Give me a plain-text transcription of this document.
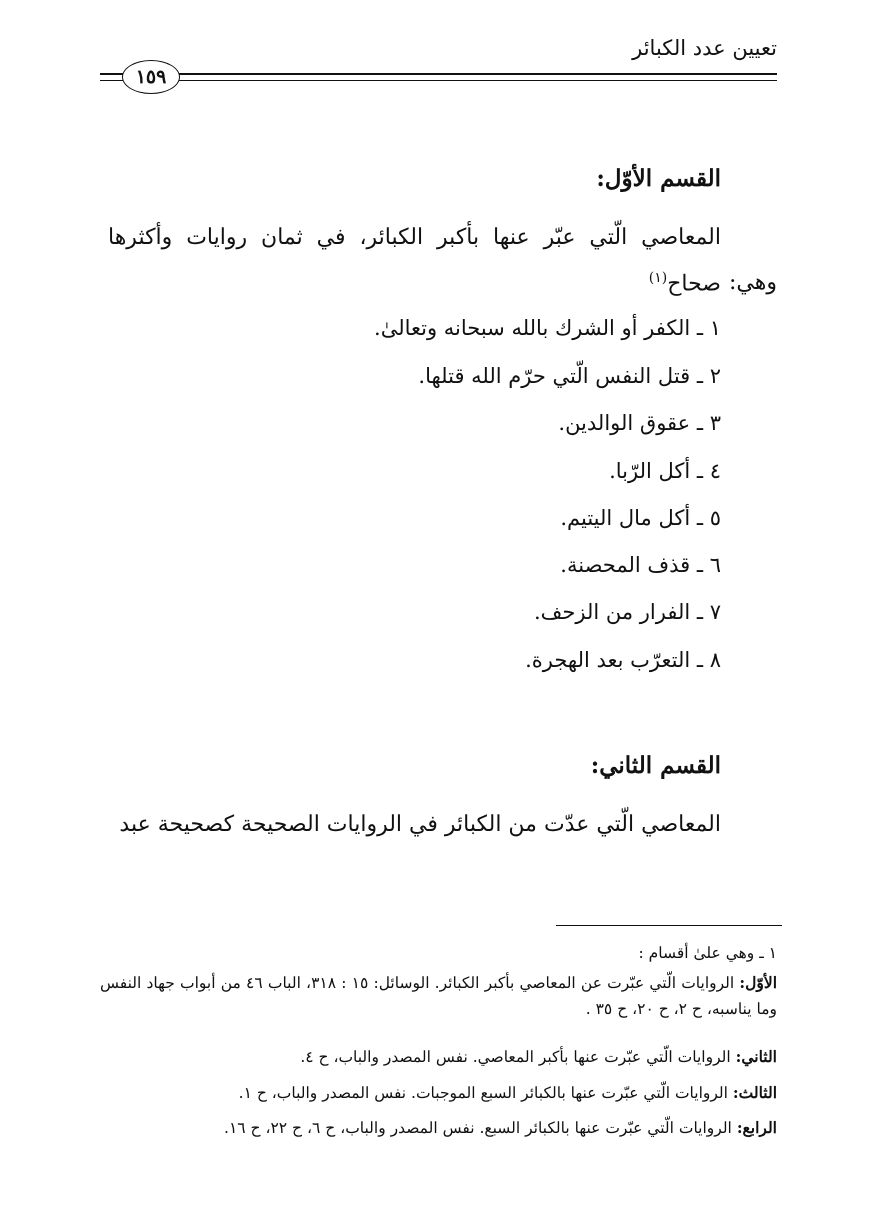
تعيين عدد الكبائر
١٥٩
القسم الأوّل:
المعاصي الّتي عبّر عنها بأكبر الكبائر، في ثمان روايات وأكثرها صحاح$^{(١)}$	وهي:
١ ـ الكفر أو الشرك بالله سبحانه وتعالىٰ.
٢ ـ قتل النفس الّتي حرّم الله قتلها.
٣ ـ عقوق الوالدين.
٤ ـ أكل الرّبا.
٥ ـ أكل مال اليتيم.
٦ ـ قذف المحصنة.
٧ ـ الفرار من الزحف.
٨ ـ التعرّب بعد الهجرة.
القسم الثاني:
المعاصي الّتي عدّت من الكبائر في الروايات الصحيحة كصحيحة عبد
١ ـ وهي علىٰ أقسام :
الأوّل: الروايات الّتي عبّرت عن المعاصي بأكبر الكبائر. الوسائل: ١٥ : ٣١٨، الباب ٤٦ من أبواب جهاد النفس وما يناسبه، ح ٢، ح ٢٠، ح ٣٥ .
الثاني: الروايات الّتي عبّرت عنها بأكبر المعاصي. نفس المصدر والباب، ح ٤.
الثالث: الروايات الّتي عبّرت عنها بالكبائر السبع الموجبات. نفس المصدر والباب، ح ١.
الرابع: الروايات الّتي عبّرت عنها بالكبائر السبع. نفس المصدر والباب، ح ٦، ح ٢٢، ح ١٦.
